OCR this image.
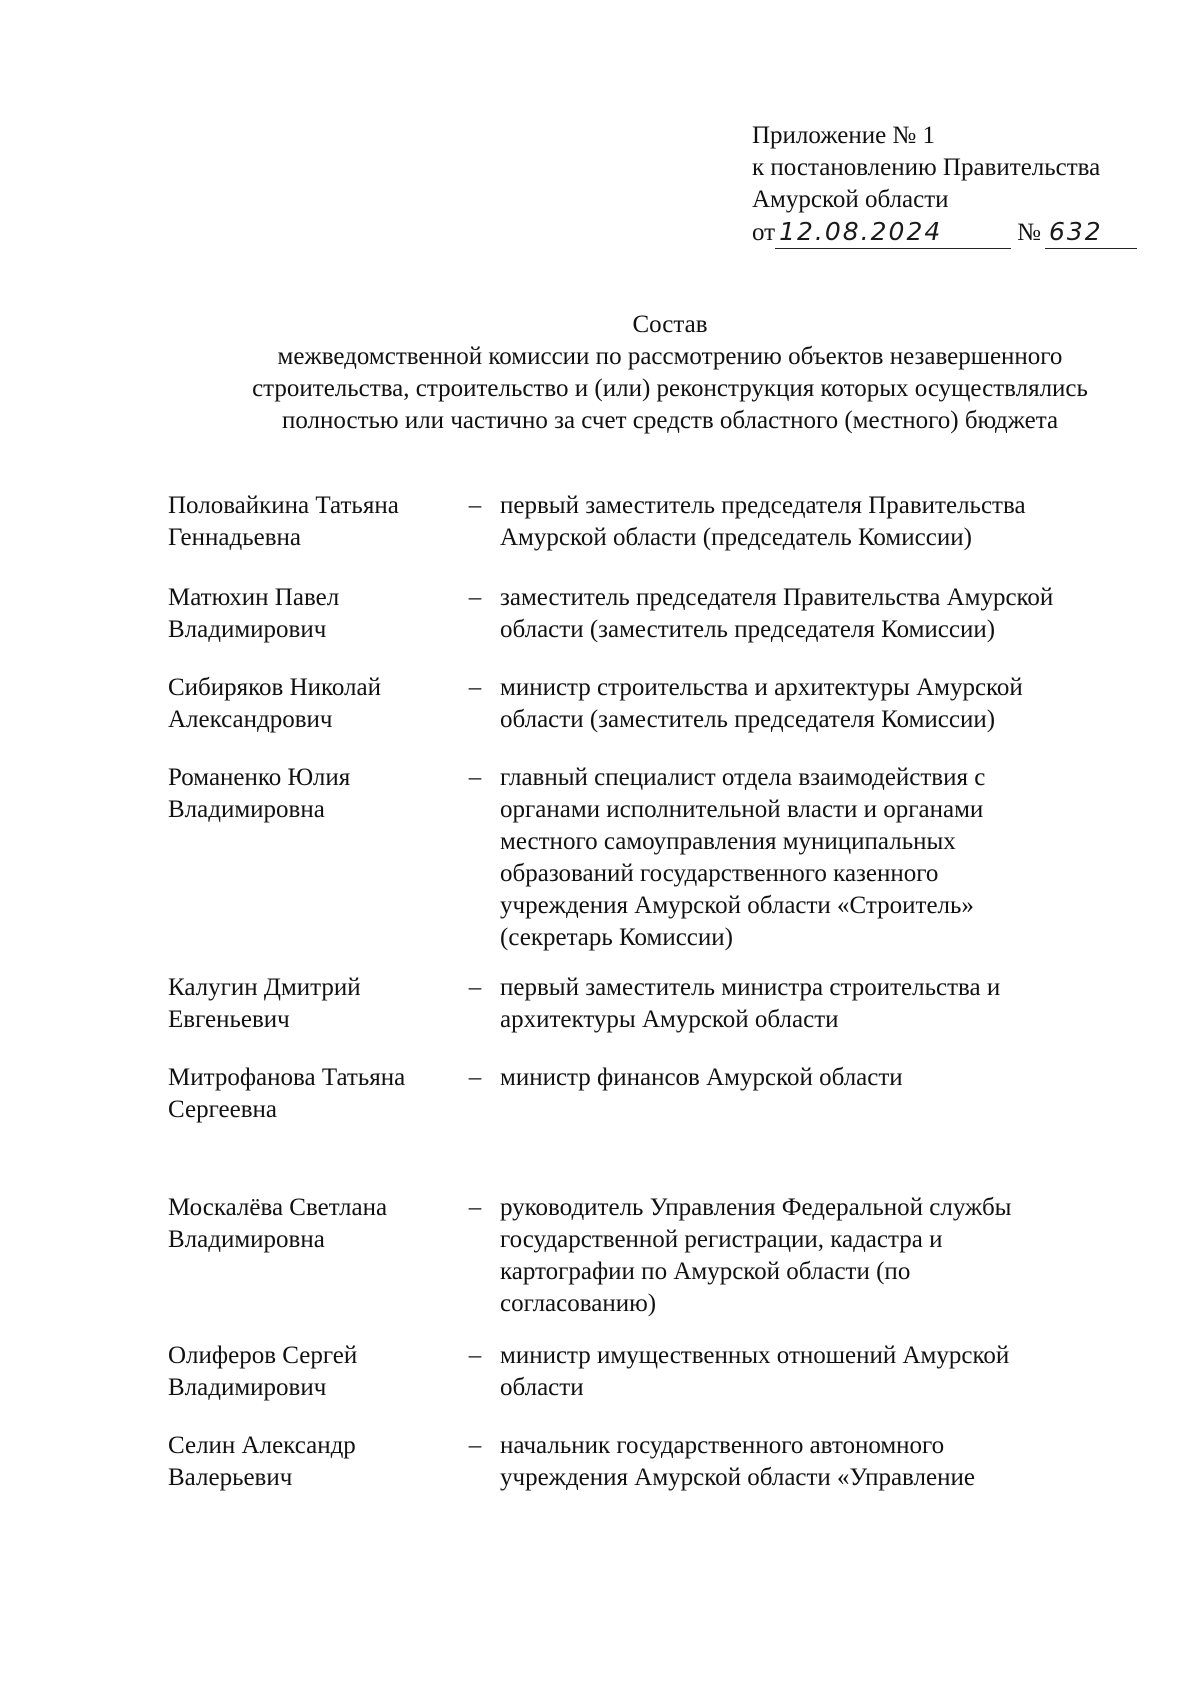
Приложение № 1
к постановлению Правительства
Амурской области
от 12.08.2024	№ 632
Состав
межведомственной комиссии по рассмотрению объектов незавершенного
строительства, строительство и (или) реконструкция которых осуществлялись
полностью или частично за счет средств областного (местного) бюджета
Половайкина Татьяна
Геннадьевна
– первый заместитель председателя Правительства
Амурской области (председатель Комиссии)
Матюхин Павел
Владимирович
– заместитель председателя Правительства Амурской
области (заместитель председателя Комиссии)
Сибиряков Николай
Александрович
– министр строительства и архитектуры Амурской
области (заместитель председателя Комиссии)
Романенко Юлия
Владимировна
– главный специалист отдела взаимодействия с
органами исполнительной власти и органами
местного самоуправления муниципальных
образований государственного казенного
учреждения Амурской области «Строитель»
(секретарь Комиссии)
Калугин Дмитрий
Евгеньевич
– первый заместитель министра строительства и
архитектуры Амурской области
Митрофанова Татьяна
Сергеевна
– министр финансов Амурской области
Москалёва Светлана
Владимировна
– руководитель Управления Федеральной службы
государственной регистрации, кадастра и
картографии по Амурской области (по
согласованию)
Олиферов Сергей
Владимирович
– министр имущественных отношений Амурской
области
Селин Александр
Валерьевич
– начальник государственного автономного
учреждения Амурской области «Управление
